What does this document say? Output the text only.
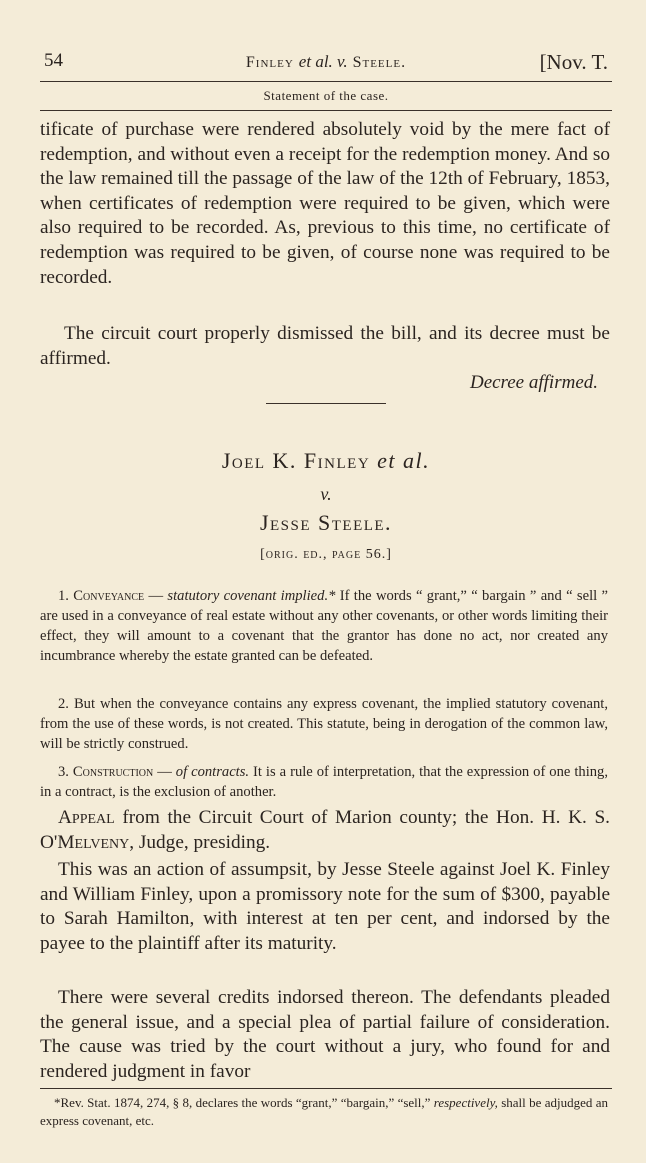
54	Finley et al. v. Steele.	[Nov. T.
Statement of the case.

tificate of purchase were rendered absolutely void by the mere fact of redemption, and without even a receipt for the redemption money. And so the law remained till the passage of the law of the 12th of February, 1853, when certificates of redemption were required to be given, which were also required to be recorded. As, previous to this time, no certificate of redemption was required to be given, of course none was required to be recorded.

The circuit court properly dismissed the bill, and its decree must be affirmed.

Decree affirmed.
Joel K. Finley et al.
v.
Jesse Steele.
[orig. ed., page 56.]

1. Conveyance — statutory covenant implied.* If the words “ grant,” “ bargain ” and “ sell ” are used in a conveyance of real estate without any other covenants, or other words limiting their effect, they will amount to a covenant that the grantor has done no act, nor created any incumbrance whereby the estate granted can be defeated.

2. But when the conveyance contains any express covenant, the implied statutory covenant, from the use of these words, is not created. This statute, being in derogation of the common law, will be strictly construed.

3. Construction — of contracts. It is a rule of interpretation, that the expression of one thing, in a contract, is the exclusion of another.

Appeal from the Circuit Court of Marion county; the Hon. H. K. S. O'Melveny, Judge, presiding.

This was an action of assumpsit, by Jesse Steele against Joel K. Finley and William Finley, upon a promissory note for the sum of $300, payable to Sarah Hamilton, with interest at ten per cent, and indorsed by the payee to the plaintiff after its maturity.

There were several credits indorsed thereon. The defendants pleaded the general issue, and a special plea of partial failure of consideration. The cause was tried by the court without a jury, who found for and rendered judgment in favor

*Rev. Stat. 1874, 274, § 8, declares the words “grant,” “bargain,” “sell,” respectively, shall be adjudged an express covenant, etc.
